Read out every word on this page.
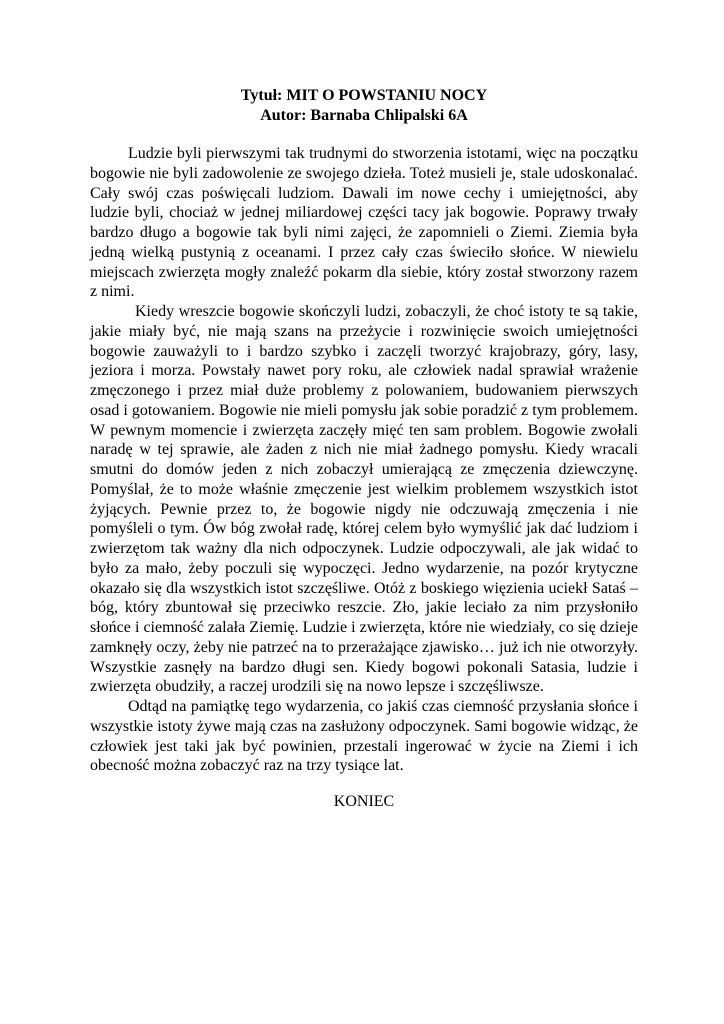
Tytuł: MIT O POWSTANIU NOCY

Autor: Barnaba Chlipalski 6A

Ludzie byli pierwszymi tak trudnymi do stworzenia istotami, więc na początku bogowie nie byli zadowolenie ze swojego dzieła. Toteż musieli je, stale udoskonalać. Cały swój czas poświęcali ludziom. Dawali im nowe cechy i umiejętności, aby ludzie byli, chociaż w jednej miliardowej części tacy jak bogowie. Poprawy trwały bardzo długo a bogowie tak byli nimi zajęci, że zapomnieli o Ziemi. Ziemia była jedną wielką pustynią z oceanami. I przez cały czas świeciło słońce. W niewielu miejscach zwierzęta mogły znaleźć pokarm dla siebie, który został stworzony razem z nimi.

Kiedy wreszcie bogowie skończyli ludzi, zobaczyli, że choć istoty te są takie, jakie miały być, nie mają szans na przeżycie i rozwinięcie swoich umiejętności bogowie zauważyli to i bardzo szybko i zaczęli tworzyć krajobrazy, góry, lasy, jeziora i morza. Powstały nawet pory roku, ale człowiek nadal sprawiał wrażenie zmęczonego i przez miał duże problemy z polowaniem, budowaniem pierwszych osad i gotowaniem. Bogowie nie mieli pomysłu jak sobie poradzić z tym problemem. W pewnym momencie i zwierzęta zaczęły mięć ten sam problem. Bogowie zwołali naradę w tej sprawie, ale żaden z nich nie miał żadnego pomysłu. Kiedy wracali smutni do domów jeden z nich zobaczył umierającą ze zmęczenia dziewczynę. Pomyślał, że to może właśnie zmęczenie jest wielkim problemem wszystkich istot żyjących. Pewnie przez to, że bogowie nigdy nie odczuwają zmęczenia i nie pomyśleli o tym. Ów bóg zwołał radę, której celem było wymyślić jak dać ludziom i zwierzętom tak ważny dla nich odpoczynek. Ludzie odpoczywali, ale jak widać to było za mało, żeby poczuli się wypoczęci. Jedno wydarzenie, na pozór krytyczne okazało się dla wszystkich istot szczęśliwe. Otóż z boskiego więzienia uciekł Sataś – bóg, który zbuntował się przeciwko reszcie. Zło, jakie leciało za nim przysłoniło słońce i ciemność zalała Ziemię. Ludzie i zwierzęta, które nie wiedziały, co się dzieje zamknęły oczy, żeby nie patrzeć na to przerażające zjawisko… już ich nie otworzyły. Wszystkie zasnęły na bardzo długi sen. Kiedy bogowi pokonali Satasia, ludzie i zwierzęta obudziły, a raczej urodzili się na nowo lepsze i szczęśliwsze.

Odtąd na pamiątkę tego wydarzenia, co jakiś czas ciemność przysłania słońce i wszystkie istoty żywe mają czas na zasłużony odpoczynek. Sami bogowie widząc, że człowiek jest taki jak być powinien, przestali ingerować w życie na Ziemi i ich obecność można zobaczyć raz na trzy tysiące lat.

KONIEC
